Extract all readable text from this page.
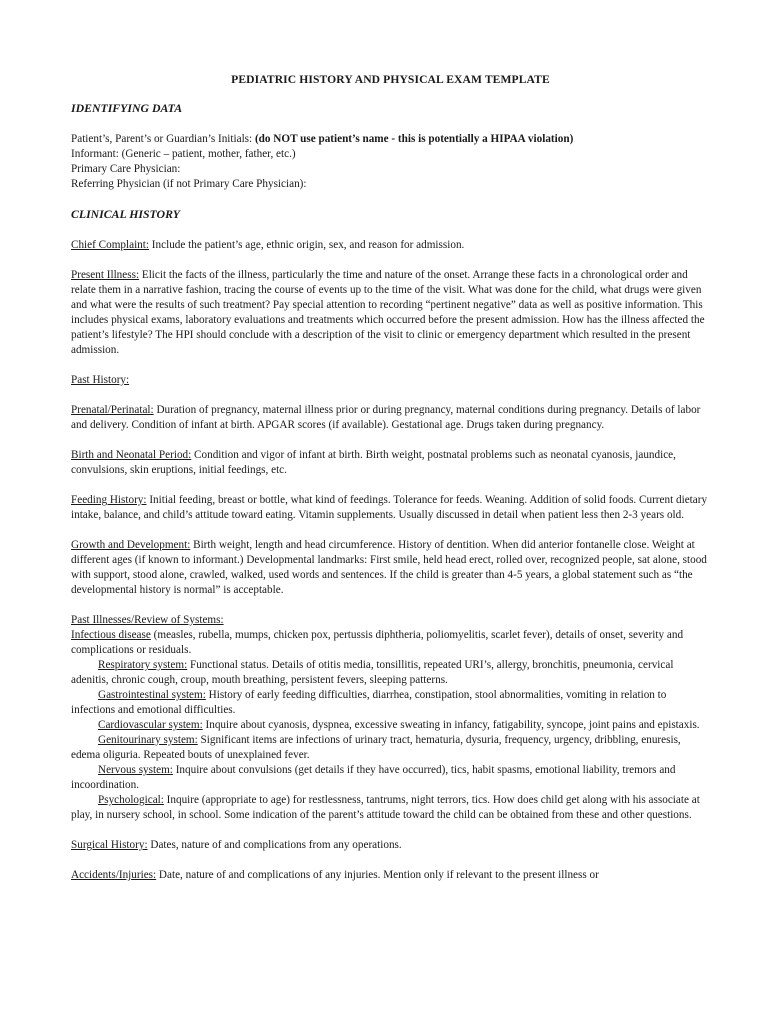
PEDIATRIC HISTORY AND PHYSICAL EXAM TEMPLATE
IDENTIFYING DATA

Patient’s, Parent’s or Guardian’s Initials: (do NOT use patient’s name - this is potentially a HIPAA violation)

Informant: (Generic – patient, mother, father, etc.)

Primary Care Physician:

Referring Physician (if not Primary Care Physician):

CLINICAL HISTORY

Chief Complaint: Include the patient’s age, ethnic origin, sex, and reason for admission.

Present Illness: Elicit the facts of the illness, particularly the time and nature of the onset. Arrange these facts in a chronological order and relate them in a narrative fashion, tracing the course of events up to the time of the visit. What was done for the child, what drugs were given and what were the results of such treatment? Pay special attention to recording “pertinent negative” data as well as positive information. This includes physical exams, laboratory evaluations and treatments which occurred before the present admission. How has the illness affected the patient’s lifestyle? The HPI should conclude with a description of the visit to clinic or emergency department which resulted in the present admission.

Past History:

Prenatal/Perinatal: Duration of pregnancy, maternal illness prior or during pregnancy, maternal conditions during pregnancy. Details of labor and delivery. Condition of infant at birth. APGAR scores (if available). Gestational age. Drugs taken during pregnancy.

Birth and Neonatal Period: Condition and vigor of infant at birth. Birth weight, postnatal problems such as neonatal cyanosis, jaundice, convulsions, skin eruptions, initial feedings, etc.

Feeding History: Initial feeding, breast or bottle, what kind of feedings. Tolerance for feeds. Weaning. Addition of solid foods. Current dietary intake, balance, and child’s attitude toward eating. Vitamin supplements. Usually discussed in detail when patient less then 2-3 years old.

Growth and Development: Birth weight, length and head circumference. History of dentition. When did anterior fontanelle close. Weight at different ages (if known to informant.) Developmental landmarks: First smile, held head erect, rolled over, recognized people, sat alone, stood with support, stood alone, crawled, walked, used words and sentences. If the child is greater than 4-5 years, a global statement such as “the developmental history is normal” is acceptable.

Past Illnesses/Review of Systems:

Infectious disease (measles, rubella, mumps, chicken pox, pertussis diphtheria, poliomyelitis, scarlet fever), details of onset, severity and complications or residuals.

Respiratory system: Functional status. Details of otitis media, tonsillitis, repeated URI’s, allergy, bronchitis, pneumonia, cervical adenitis, chronic cough, croup, mouth breathing, persistent fevers, sleeping patterns.

Gastrointestinal system: History of early feeding difficulties, diarrhea, constipation, stool abnormalities, vomiting in relation to infections and emotional difficulties.

Cardiovascular system: Inquire about cyanosis, dyspnea, excessive sweating in infancy, fatigability, syncope, joint pains and epistaxis.

Genitourinary system: Significant items are infections of urinary tract, hematuria, dysuria, frequency, urgency, dribbling, enuresis, edema oliguria. Repeated bouts of unexplained fever.

Nervous system: Inquire about convulsions (get details if they have occurred), tics, habit spasms, emotional liability, tremors and incoordination.

Psychological: Inquire (appropriate to age) for restlessness, tantrums, night terrors, tics. How does child get along with his associate at play, in nursery school, in school. Some indication of the parent’s attitude toward the child can be obtained from these and other questions.

Surgical History: Dates, nature of and complications from any operations.

Accidents/Injuries: Date, nature of and complications of any injuries. Mention only if relevant to the present illness or
